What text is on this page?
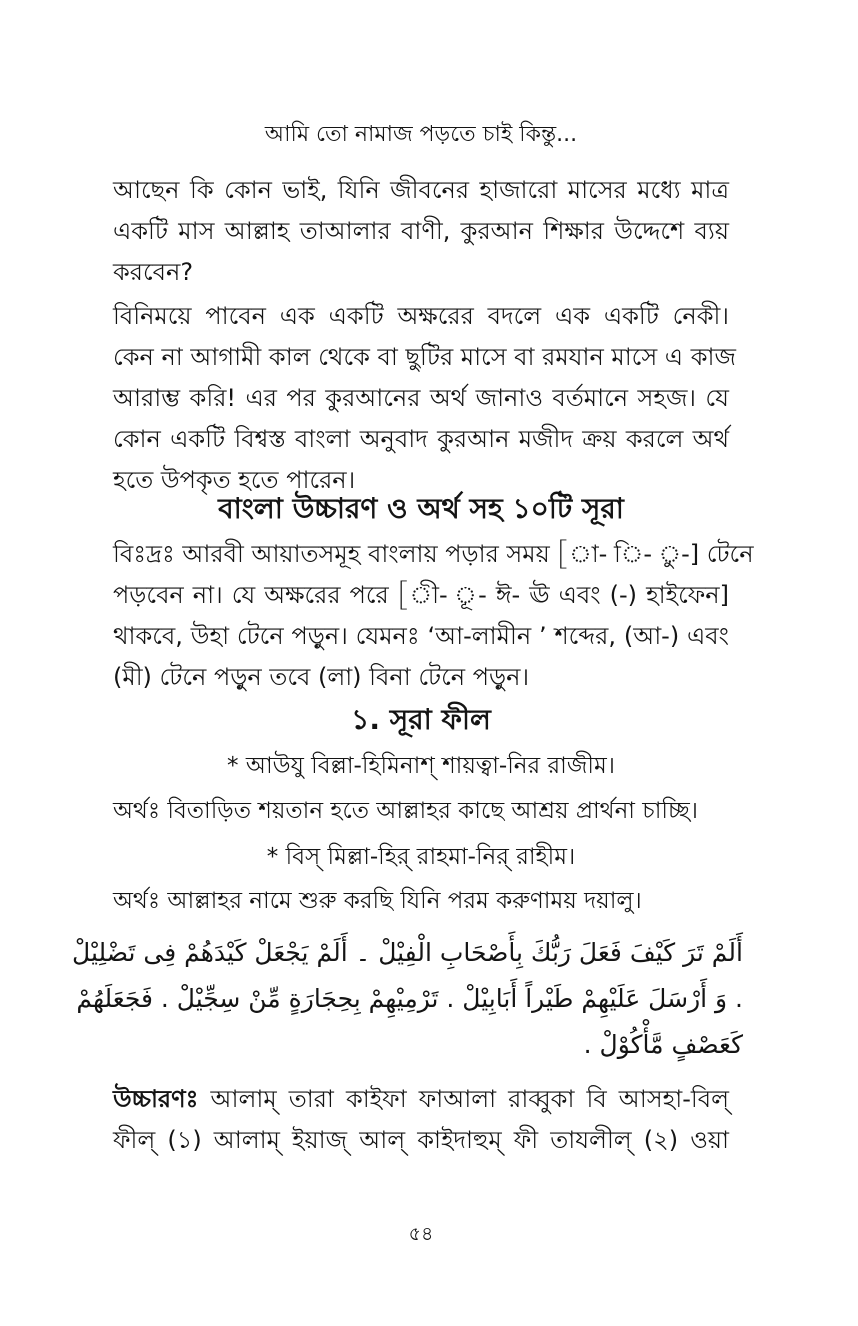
আমি তো নামাজ পড়তে চাই কিন্তু...
আছেন কি কোন ভাই, যিনি জীবনের হাজারো মাসের মধ্যে মাত্র
একটি মাস আল্লাহ তাআলার বাণী, কুরআন শিক্ষার উদ্দেশে ব্যয়
করবেন?
বিনিময়ে পাবেন এক একটি অক্ষরের বদলে এক একটি নেকী।
কেন না আগামী কাল থেকে বা ছুটির মাসে বা রমযান মাসে এ কাজ
আরাম্ভ করি! এর পর কুরআনের অর্থ জানাও বর্তমানে সহজ। যে
কোন একটি বিশ্বস্ত বাংলা অনুবাদ কুরআন মজীদ ক্রয় করলে অর্থ
হতে উপকৃত হতে পারেন।
বাংলা উচ্চারণ ও অর্থ সহ ১০টি সূরা
বিঃদ্রঃ আরবী আয়াতসমূহ বাংলায় পড়ার সময় [া- ি- ু-] টেনে
পড়বেন না। যে অক্ষরের পরে [ী- ূ- ঈ- ঊ এবং (-) হাইফেন]
থাকবে, উহা টেনে পড়ুন। যেমনঃ ‘আ-লামীন ’ শব্দের, (আ-) এবং
(মী) টেনে পড়ুন তবে (লা) বিনা টেনে পড়ুন।
১. সূরা ফীল
* আউযু বিল্লা-হিমিনাশ্ শায়ত্বা-নির রাজীম।
অর্থঃ বিতাড়িত শয়তান হতে আল্লাহর কাছে আশ্রয় প্রার্থনা চাচ্ছি।
* বিস্ মিল্লা-হির্ রাহমা-নির্ রাহীম।
অর্থঃ আল্লাহর নামে শুরু করছি যিনি পরম করুণাময় দয়ালু।
أَلَمْ تَرَ كَيْفَ فَعَلَ رَبُّكَ بِأَصْحَابِ الْفِيْلْ ۔ أَلَمْ يَجْعَلْ كَيْدَهُمْ فِى تَضْلِيْلْ
. وَ أَرْسَلَ عَلَيْهِمْ طَيْراً أَبَابِيْلْ . تَرْمِيْهِمْ بِحِجَارَةٍ مِّنْ سِجِّيْلْ . فَجَعَلَهُمْ
كَعَصْفٍ مَّأْكُوْلْ .
উচ্চারণঃ আলাম্ তারা কাইফা ফাআলা রাব্বুকা বি আসহা-বিল্
ফীল্ (১) আলাম্ ইয়াজ্ আল্ কাইদাহুম্ ফী তাযলীল্ (২) ওয়া
৫৪
